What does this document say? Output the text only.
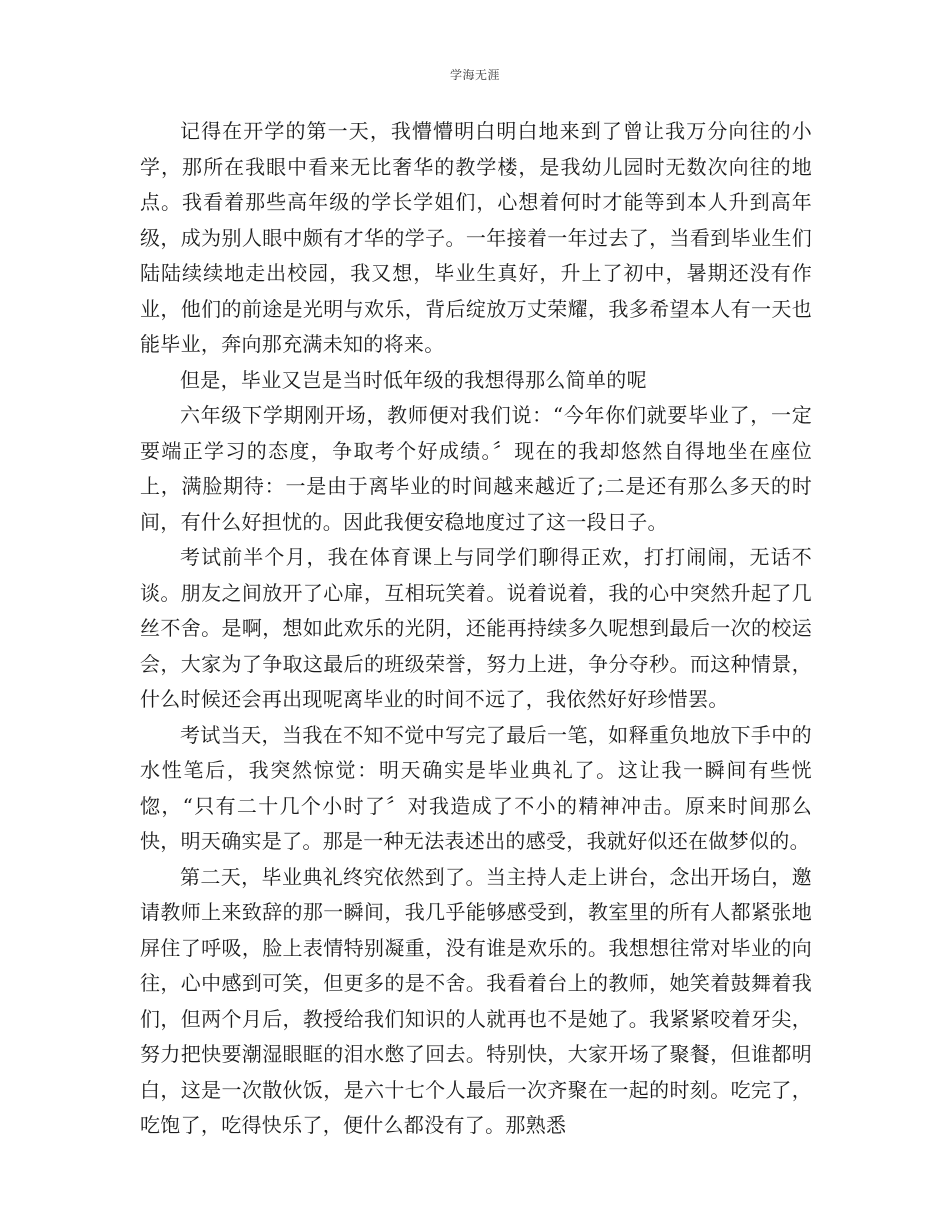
学海无涯

记得在开学的第一天，我懵懵明白明白地来到了曾让我万分向往的小学，那所在我眼中看来无比奢华的教学楼，是我幼儿园时无数次向往的地点。我看着那些高年级的学长学姐们，心想着何时才能等到本人升到高年级，成为别人眼中颇有才华的学子。一年接着一年过去了，当看到毕业生们陆陆续续地走出校园，我又想，毕业生真好，升上了初中，暑期还没有作业，他们的前途是光明与欢乐，背后绽放万丈荣耀，我多希望本人有一天也能毕业，奔向那充满未知的将来。

但是，毕业又岂是当时低年级的我想得那么简单的呢

六年级下学期刚开场，教师便对我们说：“今年你们就要毕业了，一定要端正学习的态度，争取考个好成绩。〞现在的我却悠然自得地坐在座位上，满脸期待：一是由于离毕业的时间越来越近了;二是还有那么多天的时间，有什么好担忧的。因此我便安稳地度过了这一段日子。

考试前半个月，我在体育课上与同学们聊得正欢，打打闹闹，无话不谈。朋友之间放开了心扉，互相玩笑着。说着说着，我的心中突然升起了几丝不舍。是啊，想如此欢乐的光阴，还能再持续多久呢想到最后一次的校运会，大家为了争取这最后的班级荣誉，努力上进，争分夺秒。而这种情景，什么时候还会再出现呢离毕业的时间不远了，我依然好好珍惜罢。

考试当天，当我在不知不觉中写完了最后一笔，如释重负地放下手中的水性笔后，我突然惊觉：明天确实是毕业典礼了。这让我一瞬间有些恍惚，“只有二十几个小时了〞对我造成了不小的精神冲击。原来时间那么快，明天确实是了。那是一种无法表述出的感受，我就好似还在做梦似的。

第二天，毕业典礼终究依然到了。当主持人走上讲台，念出开场白，邀请教师上来致辞的那一瞬间，我几乎能够感受到，教室里的所有人都紧张地屏住了呼吸，脸上表情特别凝重，没有谁是欢乐的。我想想往常对毕业的向往，心中感到可笑，但更多的是不舍。我看着台上的教师，她笑着鼓舞着我们，但两个月后，教授给我们知识的人就再也不是她了。我紧紧咬着牙尖，努力把快要潮湿眼眶的泪水憋了回去。特别快，大家开场了聚餐，但谁都明白，这是一次散伙饭，是六十七个人最后一次齐聚在一起的时刻。吃完了，吃饱了，吃得快乐了，便什么都没有了。那熟悉
